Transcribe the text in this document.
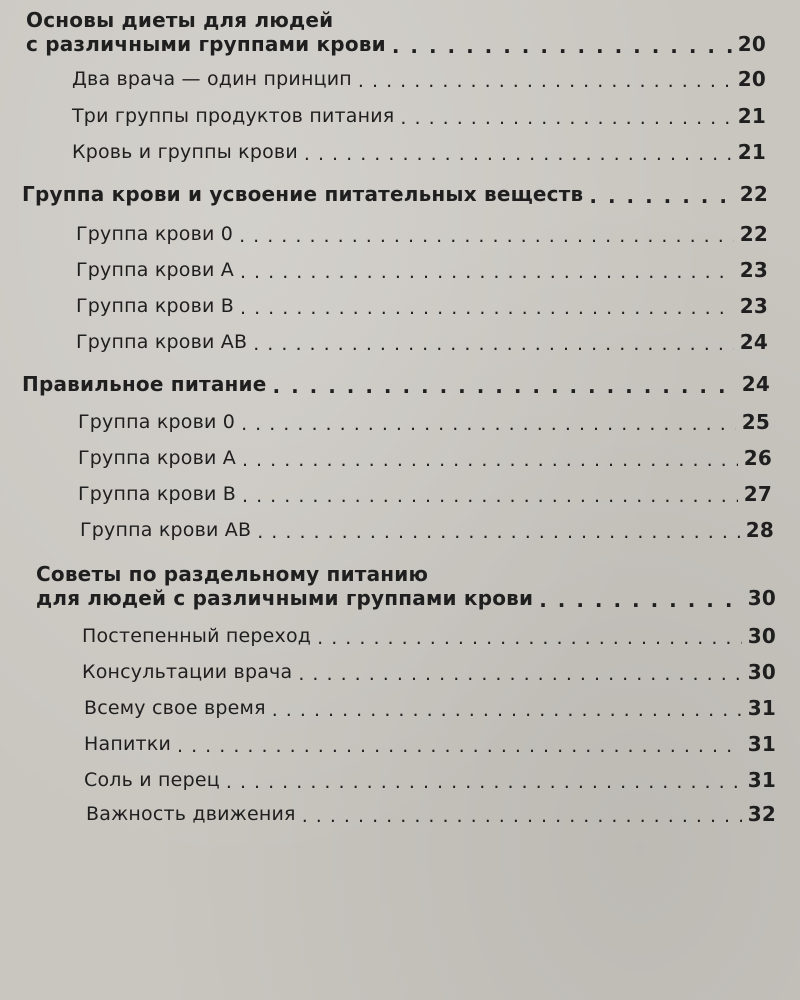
Основы диеты для людей
с различными группами крови . . .	20
Два врача — один принцип . . .	20
Три группы продуктов питания . . .	21
Кровь и группы крови . . .	21
Группа крови и усвоение питательных веществ . . .	22
Группа крови 0 . . .	22
Группа крови А . . .	23
Группа крови В . . .	23
Группа крови АВ . . .	24
Правильное питание . . .	24
Группа крови 0 . . .	25
Группа крови А . . .	26
Группа крови В . . .	27
Группа крови АВ . . .	28
Советы по раздельному питанию
для людей с различными группами крови . . .	30
Постепенный переход . . .	30
Консультации врача . . .	30
Всему свое время . . .	31
Напитки . . .	31
Соль и перец . . .	31
Важность движения . . .	32
